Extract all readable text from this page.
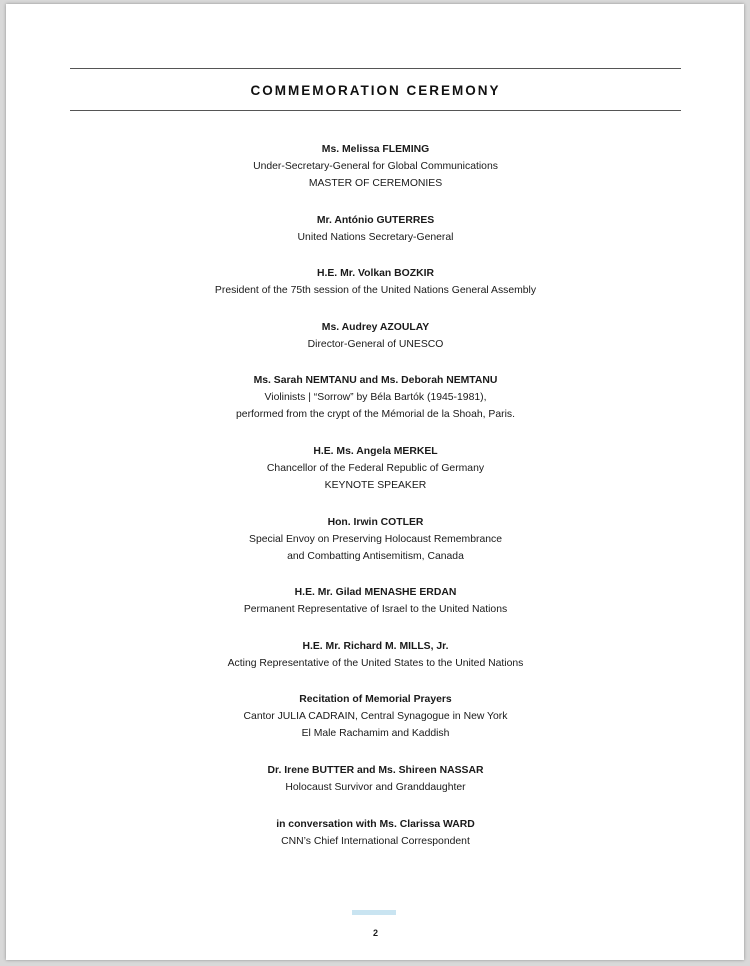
COMMEMORATION CEREMONY
Ms. Melissa FLEMING
Under-Secretary-General for Global Communications
MASTER OF CEREMONIES
Mr. António GUTERRES
United Nations Secretary-General
H.E. Mr. Volkan BOZKIR
President of the 75th session of the United Nations General Assembly
Ms. Audrey AZOULAY
Director-General of UNESCO
Ms. Sarah NEMTANU and Ms. Deborah NEMTANU
Violinists | “Sorrow” by Béla Bartók (1945-1981),
performed from the crypt of the Mémorial de la Shoah, Paris.
H.E. Ms. Angela MERKEL
Chancellor of the Federal Republic of Germany
KEYNOTE SPEAKER
Hon. Irwin COTLER
Special Envoy on Preserving Holocaust Remembrance
and Combatting Antisemitism, Canada
H.E. Mr. Gilad MENASHE ERDAN
Permanent Representative of Israel to the United Nations
H.E. Mr. Richard M. MILLS, Jr.
Acting Representative of the United States to the United Nations
Recitation of Memorial Prayers
Cantor JULIA CADRAIN, Central Synagogue in New York
El Male Rachamim and Kaddish
Dr. Irene BUTTER and Ms. Shireen NASSAR
Holocaust Survivor and Granddaughter
in conversation with Ms. Clarissa WARD
CNN’s Chief International Correspondent
2
